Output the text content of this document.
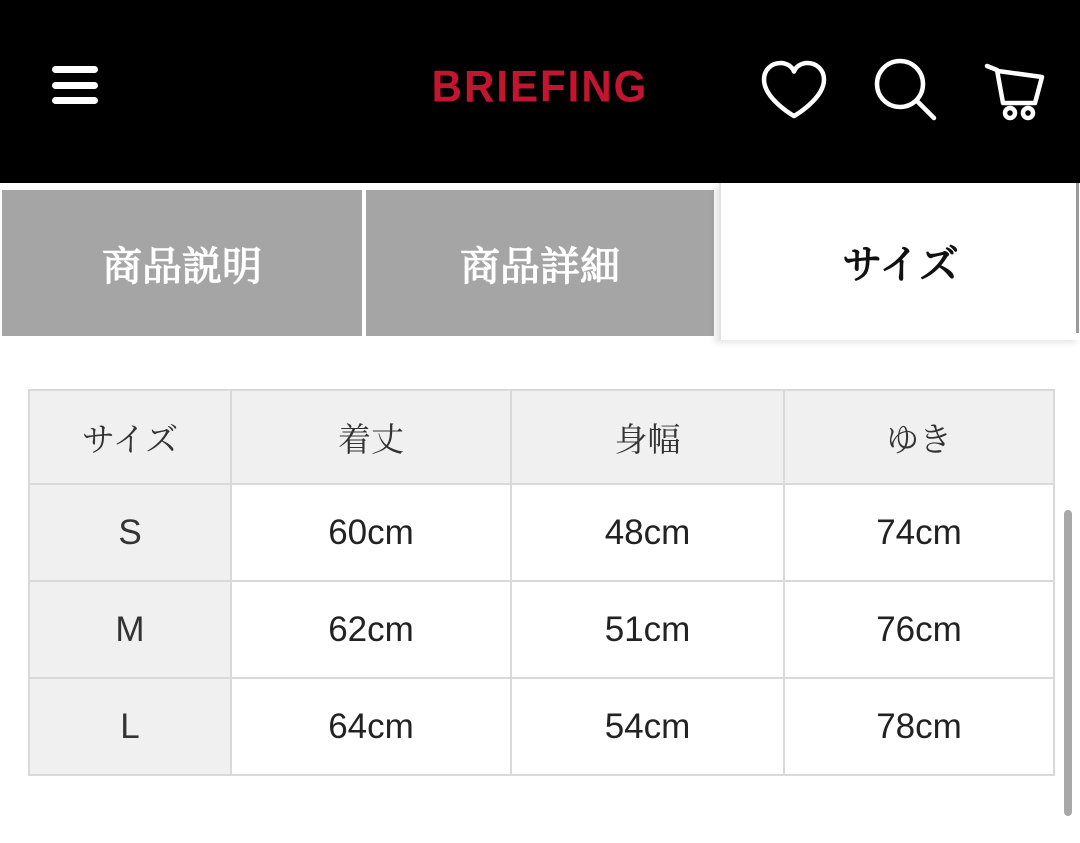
BRIEFING
商品説明	商品詳細	サイズ
サイズ	着丈	身幅	ゆき
S	60cm	48cm	74cm
M	62cm	51cm	76cm
L	64cm	54cm	78cm
